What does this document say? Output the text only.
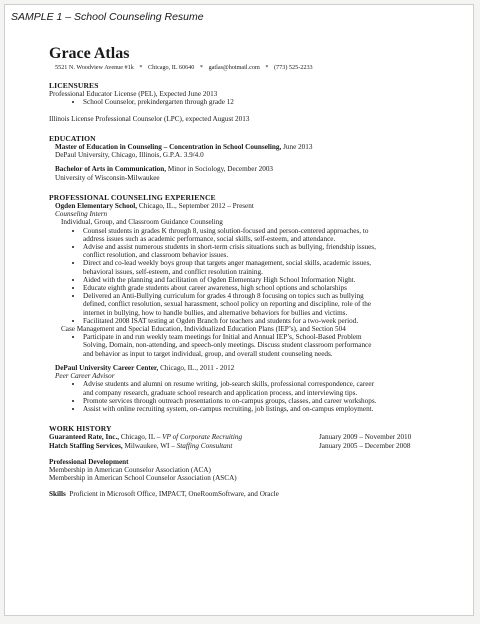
SAMPLE 1 – School Counseling Resume
Grace Atlas
5521 N. Woodview Avenue #1k * Chicago, IL 60640 * gatlas@hotmail.com * (773) 525-2233
LICENSURES
Professional Educator License (PEL), Expected June 2013
• School Counselor, prekindergarten through grade 12
Illinois License Professional Counselor (LPC), expected August 2013
EDUCATION
Master of Education in Counseling – Concentration in School Counseling, June 2013
DePaul University, Chicago, Illinois, G.P.A. 3.9/4.0
Bachelor of Arts in Communication, Minor in Sociology, December 2003
University of Wisconsin-Milwaukee
PROFESSIONAL COUNSELING EXPERIENCE
Ogden Elementary School, Chicago, IL., September 2012 – Present
Counseling Intern
Individual, Group, and Classroom Guidance Counseling
• Counsel students in grades K through 8, using solution-focused and person-centered approaches, to
address issues such as academic performance, social skills, self-esteem, and attendance.
• Advise and assist numerous students in short-term crisis situations such as bullying, friendship issues,
conflict resolution, and classroom behavior issues.
• Direct and co-lead weekly boys group that targets anger management, social skills, academic issues,
behavioral issues, self-esteem, and conflict resolution training.
• Aided with the planning and facilitation of Ogden Elementary High School Information Night.
• Educate eighth grade students about career awareness, high school options and scholarships
• Delivered an Anti-Bullying curriculum for grades 4 through 8 focusing on topics such as bullying
defined, conflict resolution, sexual harassment, school policy on reporting and discipline, role of the
internet in bullying, how to handle bullies, and alternative behaviors for bullies and victims.
• Facilitated 2008 ISAT testing at Ogden Branch for teachers and students for a two-week period.
Case Management and Special Education, Individualized Education Plans (IEP’s), and Section 504
• Participate in and run weekly team meetings for Initial and Annual IEP’s, School-Based Problem
Solving, Domain, non-attending, and speech-only meetings. Discuss student classroom performance
and behavior as input to target individual, group, and overall student counseling needs.
DePaul University Career Center, Chicago, IL., 2011 - 2012
Peer Career Advisor
• Advise students and alumni on resume writing, job-search skills, professional correspondence, career
and company research, graduate school research and application process, and interviewing tips.
• Promote services through outreach presentations to on-campus groups, classes, and career workshops.
• Assist with online recruiting system, on-campus recruiting, job listings, and on-campus employment.
WORK HISTORY
Guaranteed Rate, Inc., Chicago, IL – VP of Corporate Recruiting	January 2009 – November 2010
Hatch Staffing Services, Milwaukee, WI – Staffing Consultant	January 2005 – December 2008
Professional Development
Membership in American Counselor Association (ACA)
Membership in American School Counselor Association (ASCA)
Skills Proficient in Microsoft Office, IMPACT, OneRoomSoftware, and Oracle
